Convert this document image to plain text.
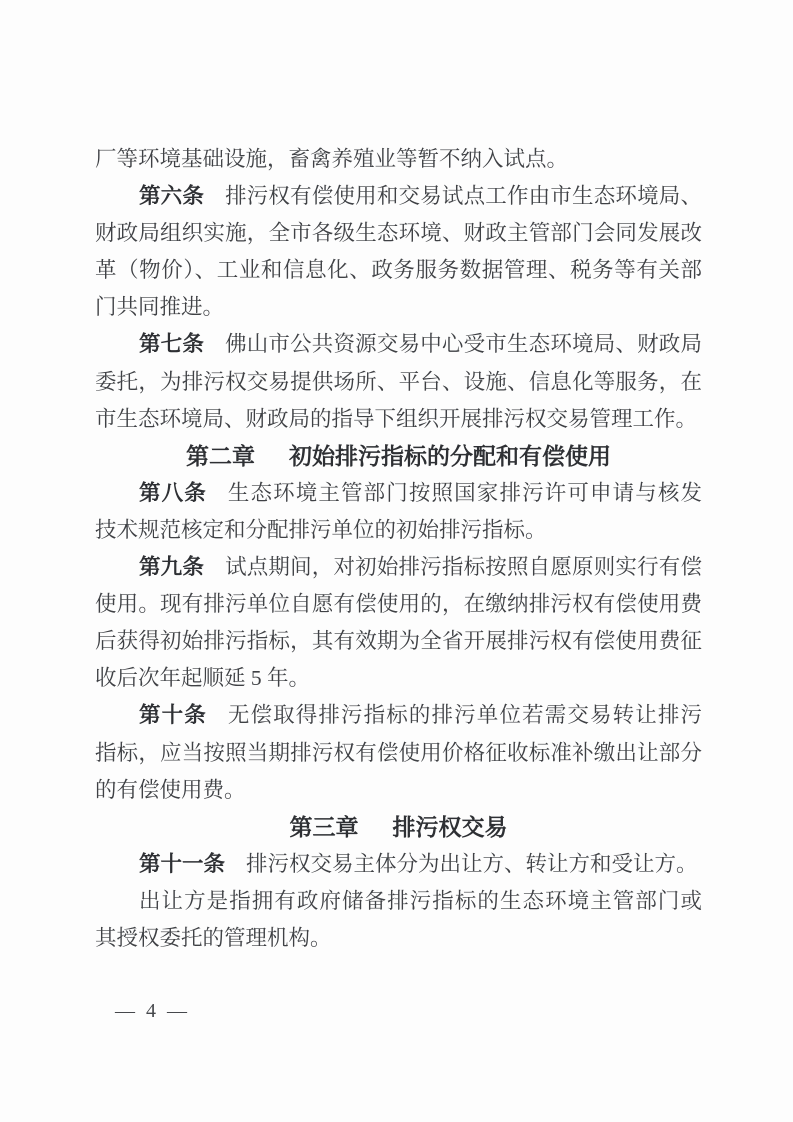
厂等环境基础设施，畜禽养殖业等暂不纳入试点。
第六条 排污权有偿使用和交易试点工作由市生态环境局、
财政局组织实施，全市各级生态环境、财政主管部门会同发展改
革（物价）、工业和信息化、政务服务数据管理、税务等有关部
门共同推进。
第七条 佛山市公共资源交易中心受市生态环境局、财政局
委托，为排污权交易提供场所、平台、设施、信息化等服务，在
市生态环境局、财政局的指导下组织开展排污权交易管理工作。
第二章 初始排污指标的分配和有偿使用
第八条 生态环境主管部门按照国家排污许可申请与核发
技术规范核定和分配排污单位的初始排污指标。
第九条 试点期间，对初始排污指标按照自愿原则实行有偿
使用。现有排污单位自愿有偿使用的，在缴纳排污权有偿使用费
后获得初始排污指标，其有效期为全省开展排污权有偿使用费征
收后次年起顺延 5 年。
第十条 无偿取得排污指标的排污单位若需交易转让排污
指标，应当按照当期排污权有偿使用价格征收标准补缴出让部分
的有偿使用费。
第三章 排污权交易
第十一条 排污权交易主体分为出让方、转让方和受让方。
出让方是指拥有政府储备排污指标的生态环境主管部门或
其授权委托的管理机构。
— 4 —
